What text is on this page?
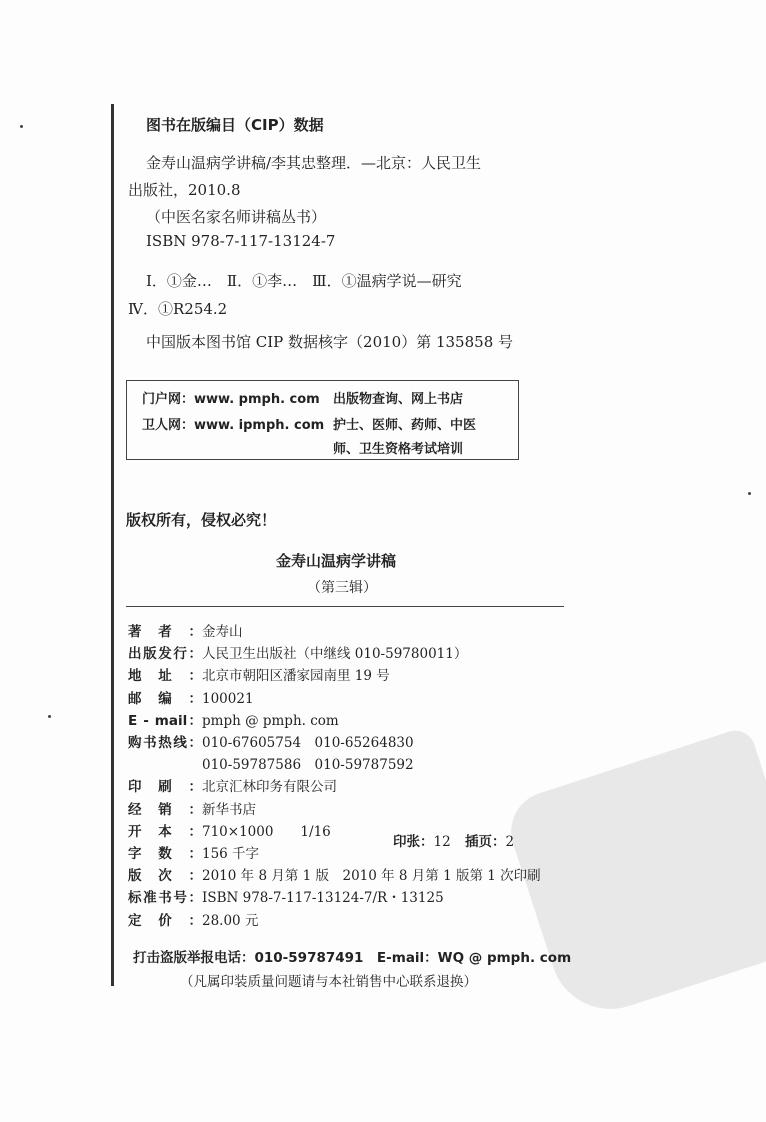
图书在版编目（CIP）数据
金寿山温病学讲稿/李其忠整理．—北京：人民卫生
出版社，2010.8
（中医名家名师讲稿丛书）
ISBN 978-7-117-13124-7
Ⅰ．①金…　Ⅱ．①李…　Ⅲ．①温病学说—研究
Ⅳ．①R254.2
中国版本图书馆 CIP 数据核字（2010）第 135858 号
门户网：www. pmph. com 出版物查询、网上书店
卫人网：www. ipmph. com 护士、医师、药师、中医
师、卫生资格考试培训
版权所有，侵权必究！
金寿山温病学讲稿
（第三辑）
著者：金寿山
出版发行：人民卫生出版社（中继线 010-59780011）
地址：北京市朝阳区潘家园南里 19 号
邮编：100021
E - mail：pmph @ pmph. com
购书热线：010-67605754　010-65264830
010-59787586　010-59787592
印刷：北京汇林印务有限公司
经销：新华书店
开本：710×1000　　1/16
字数：156 千字
版次：2010 年 8 月第 1 版　2010 年 8 月第 1 版第 1 次印刷
标准书号：ISBN 978-7-117-13124-7/R・13125
定价：28.00 元
印张：12 插页：2
打击盗版举报电话：010-59787491　E-mail：WQ @ pmph. com
（凡属印装质量问题请与本社销售中心联系退换）
